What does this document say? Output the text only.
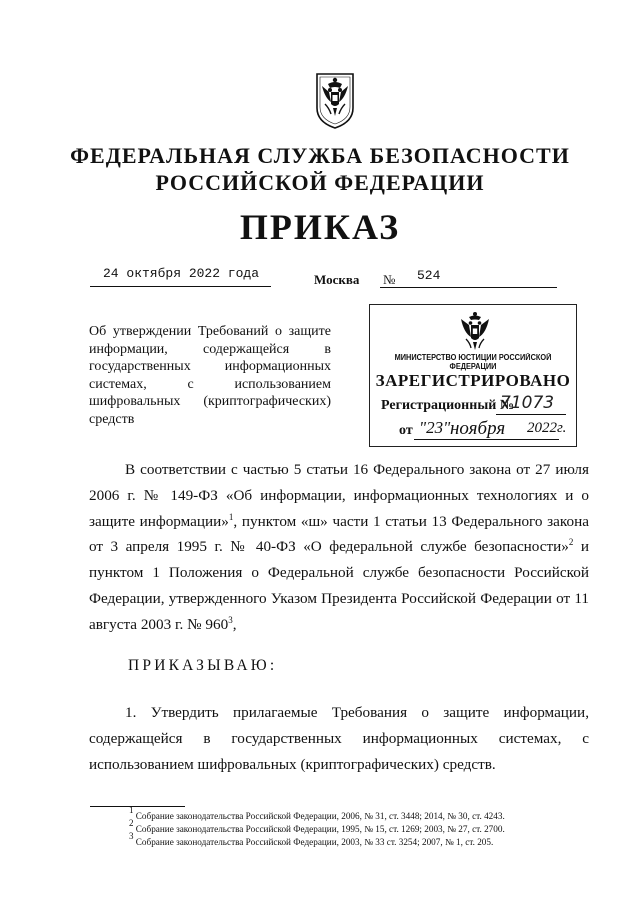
ФЕДЕРАЛЬНАЯ СЛУЖБА БЕЗОПАСНОСТИ
РОССИЙСКОЙ ФЕДЕРАЦИИ
ПРИКАЗ
24 октября 2022 года	Москва № 524
Об утверждении Требований о защите информации, содержащейся в государственных информационных системах, с использованием шифровальных (криптографических) средств
МИНИСТЕРСТВО ЮСТИЦИИ РОССИЙСКОЙ ФЕДЕРАЦИИ
ЗАРЕГИСТРИРОВАНО
Регистрационный №
71073
от "23" ноября 2022г.
В соответствии с частью 5 статьи 16 Федерального закона от 27 июля 2006 г. № 149-ФЗ «Об информации, информационных технологиях и о защите информации»$^1$, пунктом «ш» части 1 статьи 13 Федерального закона от 3 апреля 1995 г. № 40-ФЗ «О федеральной службе безопасности»$^2$ и пунктом 1 Положения о Федеральной службе безопасности Российской Федерации, утвержденного Указом Президента Российской Федерации от 11 августа 2003 г. № $960^3$,
ПРИКАЗЫВАЮ:
1. Утвердить прилагаемые Требования о защите информации, содержащейся в государственных информационных системах, с использованием шифровальных (криптографических) средств.
$^1$ Собрание законодательства Российской Федерации, 2006, № 31, ст. 3448; 2014, № 30, ст. 4243.
$^2$ Собрание законодательства Российской Федерации, 1995, № 15, ст. 1269; 2003, № 27, ст. 2700.
$^3$ Собрание законодательства Российской Федерации, 2003, № 33 ст. 3254; 2007, № 1, ст. 205.
